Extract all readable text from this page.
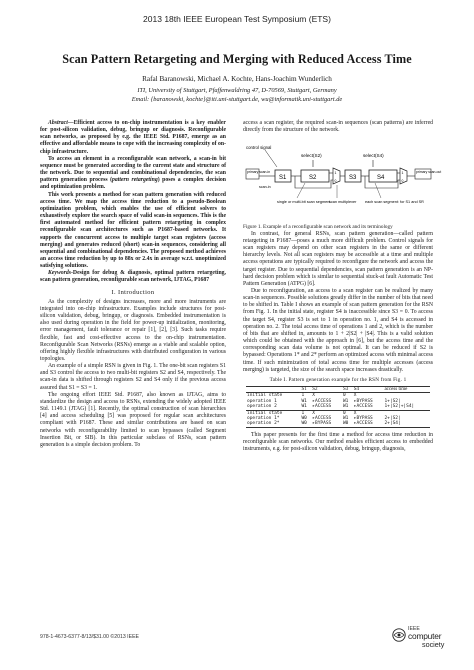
2013 18th IEEE European Test Symposium (ETS)
Scan Pattern Retargeting and Merging with Reduced Access Time
Rafal Baranowski, Michael A. Kochte, Hans-Joachim Wunderlich
ITI, University of Stuttgart, Pfaffenwaldring 47, D-70569, Stuttgart, Germany
Email: {baranowski, kochte}@iti.uni-stuttgart.de, wu@informatik.uni-stuttgart.de

Abstract—Efficient access to on-chip instrumentation is a key enabler for post-silicon validation, debug, bringup or diagnosis. Reconfigurable scan networks, as proposed by e.g. the IEEE Std. P1687, emerge as an effective and affordable means to cope with the increasing complexity of on-chip infrastructure.

To access an element in a reconfigurable scan network, a scan-in bit sequence must be generated according to the current state and structure of the network. Due to sequential and combinational dependencies, the scan pattern generation process (pattern retargeting) poses a complex decision and optimization problem.

This work presents a method for scan pattern generation with reduced access time. We map the access time reduction to a pseudo-Boolean optimization problem, which enables the use of efficient solvers to exhaustively explore the search space of valid scan-in sequences. This is the first automated method for efficient pattern retargeting in complex reconfigurable scan architectures such as P1687-based networks. It supports the concurrent access to multiple target scan registers (access merging) and generates reduced (short) scan-in sequences, considering all sequential and combinational dependencies. The proposed method achieves an access time reduction by up to 88x or 2.4x in average w.r.t. unoptimized satisfying solutions.

Keywords-Design for debug & diagnosis, optimal pattern retargeting, scan pattern generation, reconfigurable scan network, IJTAG, P1687

I. Introduction

As the complexity of designs increases, more and more instruments are integrated into on-chip infrastructure. Examples include structures for post-silicon validation, debug, bringup, or diagnosis. Embedded instrumentation is also used during operation in the field for power-up initialization, monitoring, error management, fault tolerance or repair [1], [2], [3]. Such tasks require flexible, fast and cost-effective access to the on-chip instrumentation. Reconfigurable Scan Networks (RSNs) emerge as a viable and scalable option, offering highly flexible infrastructures with distributed configuration in various topologies.

An example of a simple RSN is given in Fig. 1. The one-bit scan registers S1 and S3 control the access to two multi-bit registers S2 and S4, respectively. The scan-in data is shifted through registers S2 and S4 only if the previous access assured that S1 = S3 = 1.

The ongoing effort IEEE Std. P1687, also known as IJTAG, aims to standardize the design and access to RSNs, extending the widely adopted IEEE Std. 1149.1 (JTAG) [1]. Recently, the optimal construction of scan hierarchies [4] and access scheduling [5] was proposed for regular scan architectures compliant with P1687. These and similar contributions are based on scan networks with reconfigurability limited to scan bypasses (called Segment Insertion Bit, or SIB). In this particular subclass of RSNs, scan pattern generation is a simple decision problem. To

access a scan register, the required scan-in sequences (scan patterns) are inferred directly from the structure of the network.

select(S2)	select(S4)
control signal
S1	S2	S3	S4
1
0
1
0
primary scan-in
scan-in
primary scan-out
single or multi-bit scan segment
scan multiplexer each scan segment: for S1 and SR

Figure 1. Example of a reconfigurable scan network and its terminology

In contrast, for general RSNs, scan pattern generation—called pattern retargeting in P1687—poses a much more difficult problem. Control signals for scan registers may depend on other scan registers in the same or different hierarchy levels. Not all scan registers may be accessible at a time and multiple access operations are typically required to reconfigure the network and access the target register. Due to sequential dependencies, scan pattern generation is an NP-hard decision problem which is similar to sequential stuck-at fault Automatic Test Pattern Generation (ATPG) [6].

Due to reconfiguration, an access to a scan register can be realized by many scan-in sequences. Possible solutions greatly differ in the number of bits that need to be shifted in. Table I shows an example of scan pattern generation for the RSN from Fig. 1. In the initial state, register S4 is inaccessible since S3 = 0. To access the target S4, register S3 is set to 1 in operation no. 1, and S4 is accessed in operation no. 2. The total access time of operations 1 and 2, which is the number of bits that are shifted in, amounts to 1 + 2|S2| + |S4|. This is a valid solution which could be obtained with the approach in [6], but the access time and the corresponding scan data volume is not optimal. It can be reduced if S2 is bypassed: Operations 1* and 2* perform an optimized access with minimal access time. If such minimization of total access time for multiple accesses (access merging) is targeted, the size of the search space increases drastically.

Table I. Pattern generation example for the RSN from Fig. 1

	S1	S2	S3	S4	access time
initial state	1	X	0	X	
operation 1	W1	▸ACCESS	W1	▸BYPASS	1+|S2|
operation 2	W1	▸ACCESS	W1	▸ACCESS	1+|S2|+|S4|
initial state	1	X	0	X	
operation 1*	W0	▸ACCESS	W1	▸BYPASS	2+|S2|
operation 2*	W0	▸BYPASS	W0	▸ACCESS	2+|S4|

This paper presents for the first time a method for access time reduction in reconfigurable scan networks. Our method enables efficient access to embedded instruments, e.g. for post-silicon validation, debug, bringup, diagnosis,

978-1-4673-6377-8/13/$31.00 ©2013 IEEE
IEEE
computer
society
